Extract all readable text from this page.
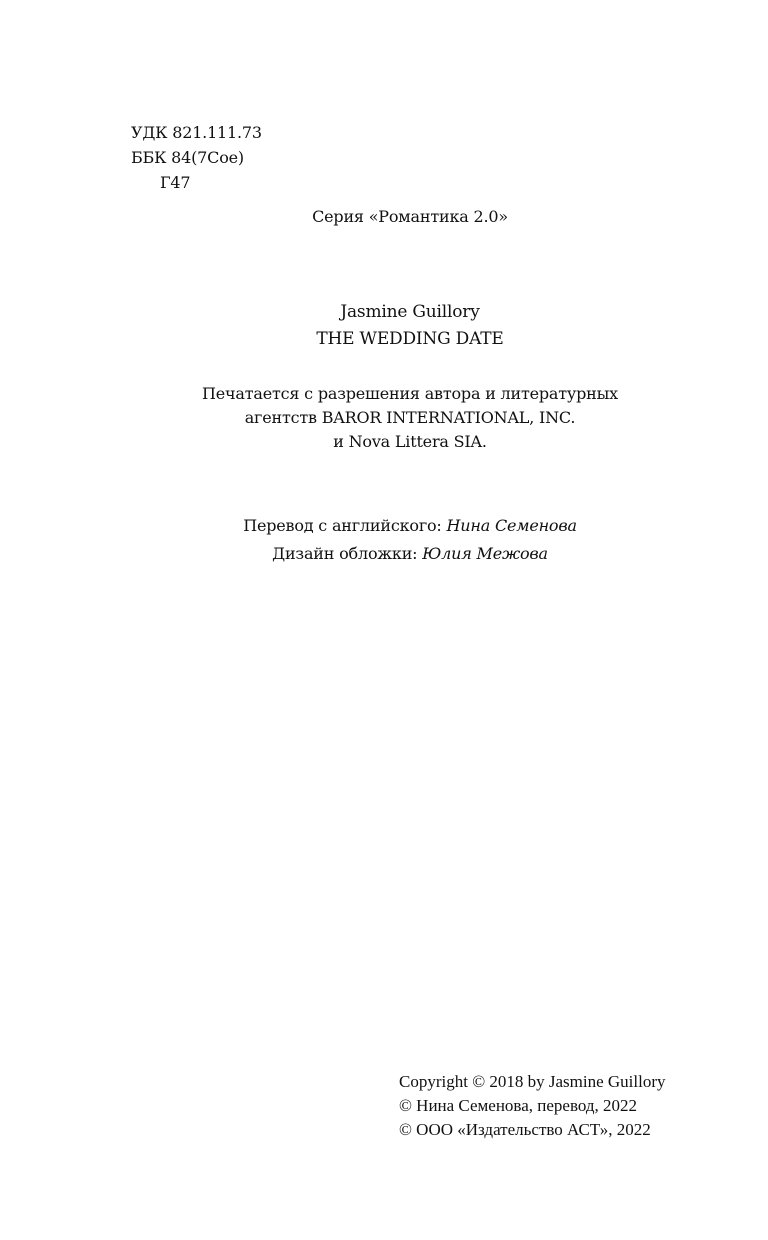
УДК 821.111.73
ББК 84(7Сое)
Г47
Серия «Романтика 2.0»
Jasmine Guillory
THE WEDDING DATE
Печатается с разрешения автора и литературных
агентств BAROR INTERNATIONAL, INC.
и Nova Littera SIA.
Перевод с английского: Нина Семенова
Дизайн обложки: Юлия Межова
Copyright © 2018 by Jasmine Guillory
© Нина Семенова, перевод, 2022
© ООО «Издательство АСТ», 2022
